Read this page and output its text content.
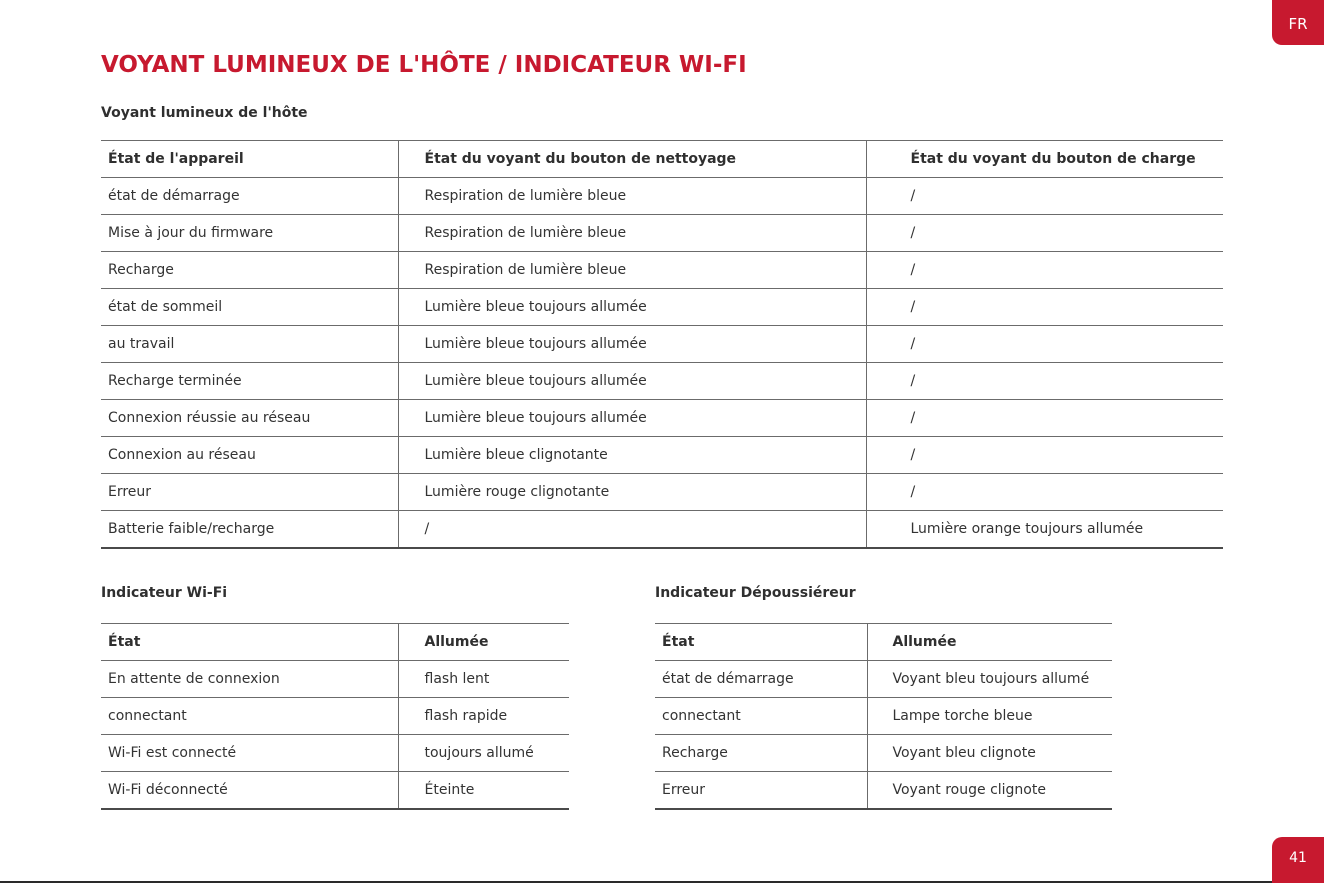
FR
VOYANT LUMINEUX DE L'HÔTE / INDICATEUR WI-FI
Voyant lumineux de l'hôte
État de l'appareil	État du voyant du bouton de nettoyage	État du voyant du bouton de charge
état de démarrage	Respiration de lumière bleue	/
Mise à jour du firmware	Respiration de lumière bleue	/
Recharge	Respiration de lumière bleue	/
état de sommeil	Lumière bleue toujours allumée	/
au travail	Lumière bleue toujours allumée	/
Recharge terminée	Lumière bleue toujours allumée	/
Connexion réussie au réseau	Lumière bleue toujours allumée	/
Connexion au réseau	Lumière bleue clignotante	/
Erreur	Lumière rouge clignotante	/
Batterie faible/recharge	/	Lumière orange toujours allumée
Indicateur Wi-Fi
État	Allumée
En attente de connexion	flash lent
connectant	flash rapide
Wi-Fi est connecté	toujours allumé
Wi-Fi déconnecté	Éteinte
Indicateur Dépoussiéreur
État	Allumée
état de démarrage	Voyant bleu toujours allumé
connectant	Lampe torche bleue
Recharge	Voyant bleu clignote
Erreur	Voyant rouge clignote
41
